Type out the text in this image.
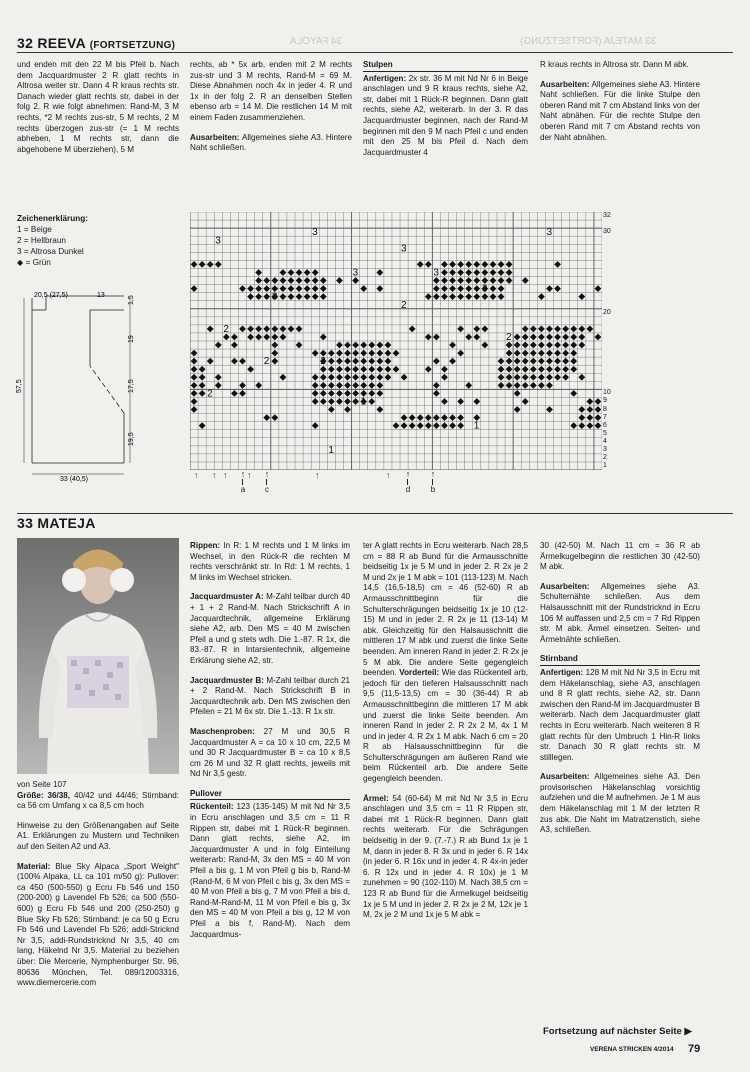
32 REEVA (FORTSETZUNG)	34 FAYOLA	33 MATEJA (FORTSETZUNG)

und enden mit den 22 M bis Pfeil b. Nach dem Jacquardmuster 2 R glatt rechts in Altrosa weiter str. Dann 4 R kraus rechts str. Danach wieder glatt rechts str, dabei in der folg 2. R wie folgt abnehmen: Rand-M, 3 M rechts, *2 M rechts zus-str, 5 M rechts, 2 M rechts überzogen zus-str (= 1 M rechts abheben, 1 M rechts str, dann die abgehobene M überziehen), 5 M

rechts, ab * 5x arb, enden mit 2 M rechts zus-str und 3 M rechts, Rand-M = 69 M. Diese Abnahmen noch 4x in jeder 4. R und 1x in der folg 2. R an denselben Stellen ebenso arb = 14 M. Die restlichen 14 M mit einem Faden zusammenziehen.

Ausarbeiten: Allgemeines siehe A3. Hintere Naht schließen.

Stulpen

Anfertigen: 2x str. 36 M mit Nd Nr 6 in Beige anschlagen und 9 R kraus rechts, siehe A2, str, dabei mit 1 Rück-R beginnen. Dann glatt rechts, siehe A2, weiterarb. In der 3. R das Jacquardmuster beginnen, nach der Rand-M beginnen mit den 9 M nach Pfeil c und enden mit den 25 M bis Pfeil d. Nach dem Jacquardmuster 4

R kraus rechts in Altrosa str. Dann M abk.

Ausarbeiten: Allgemeines siehe A3. Hintere Naht schließen. Für die linke Stulpe den oberen Rand mit 7 cm Abstand links von der Naht abnähen. Für die rechte Stulpe den oberen Rand mit 7 cm Abstand rechts von der Naht abnähen.

Zeichenerklärung:
1 = Beige
2 = Hellbraun
3 = Altrosa Dunkel
◆ = Grün
20,5 (27,5)	13	1,5
19
17,5
19,5
57,5
33 (40,5)
3
3
3
3
3	3
3
3
2
2
2	2
2
2
1
1
1
32
30
20
10
9
8
7
6
5
4
3
2
1
↑
a
↑
c
↑
d
↑
b
↑ ↑ ↑ ↑	↑	↑
33 MATEJA
von Seite 107

Größe: 36/38, 40/42 und 44/46; Stirnband: ca 56 cm Umfang x ca 8,5 cm hoch

Hinweise zu den Größenangaben auf Seite A1. Erklärungen zu Mustern und Techniken auf den Seiten A2 und A3.

Material: Blue Sky Alpaca „Sport Weight" (100% Alpaka, LL ca 101 m/50 g): Pullover: ca 450 (500-550) g Ecru Fb 546 und 150 (200-200) g Lavendel Fb 526; ca 500 (550-600) g Ecru Fb 546 und 200 (250-250) g Blue Sky Fb 526; Stirnband: je ca 50 g Ecru Fb 546 und Lavendel Fb 526; addi-Stricknd Nr 3,5, addi-Rundstricknd Nr 3,5, 40 cm lang, Häkelnd Nr 3,5. Material zu beziehen über: Die Mercerie, Nymphenburger Str. 96, 80636 München, Tel. 089/12003316, www.diemercerie.com

Rippen: In R: 1 M rechts und 1 M links im Wechsel, in den Rück-R die rechten M rechts verschränkt str. In Rd: 1 M rechts, 1 M links im Wechsel stricken.

Jacquardmuster A: M-Zahl teilbar durch 40 + 1 + 2 Rand-M. Nach Strickschrift A in Jacquardtechnik, allgemeine Erklärung siehe A2, arb. Den MS = 40 M zwischen Pfeil a und g stets wdh. Die 1.-87. R 1x, die 83.-87. R in Intarsientechnik, allgemeine Erklärung siehe A2, str.

Jacquardmuster B: M-Zahl teilbar durch 21 + 2 Rand-M. Nach Strickschrift B in Jacquardtechnik arb. Den MS zwischen den Pfeilen = 21 M 6x str. Die 1.-13. R 1x str.

Maschenproben: 27 M und 30,5 R Jacquardmuster A = ca 10 x 10 cm, 22,5 M und 30 R Jacquardmuster B = ca 10 x 8,5 cm 26 M und 32 R glatt rechts, jeweils mit Nd Nr 3,5 gestr.

Pullover

Rückenteil: 123 (135-145) M mit Nd Nr 3,5 in Ecru anschlagen und 3,5 cm = 11 R Rippen str, dabei mit 1 Rück-R beginnen. Dann glatt rechts, siehe A2, im Jacquardmuster A und in folg Einteilung weiterarb: Rand-M, 3x den MS = 40 M von Pfeil a bis g, 1 M von Pfeil g bis b, Rand-M (Rand-M, 6 M von Pfeil c bis g, 3x den MS = 40 M von Pfeil a bis g, 7 M von Pfeil a bis d, Rand-M-Rand-M, 11 M von Pfeil e bis g, 3x den MS = 40 M von Pfeil a bis g, 12 M von Pfeil a bis f, Rand-M). Nach dem Jacquardmus-

ter A glatt rechts in Ecru weiterarb. Nach 28,5 cm = 88 R ab Bund für die Armausschnitte beidseitig 1x je 5 M und in jeder 2. R 2x je 2 M und 2x je 1 M abk = 101 (113-123) M. Nach 14,5 (16,5-18,5) cm = 46 (52-60) R ab Armausschnittbeginn für die Schulterschrägungen beidseitig 1x je 10 (12-15) M und in jeder 2. R 2x je 11 (13-14) M abk. Gleichzeitig für den Halsausschnitt die mittleren 17 M abk und zuerst die linke Seite beenden. Am inneren Rand in jeder 2. R 2x je 5 M abk. Die andere Seite gegengleich beenden. Vorderteil: Wie das Rückenteil arb, jedoch für den tieferen Halsausschnitt nach 9,5 (11,5-13,5) cm = 30 (36-44) R ab Armausschnittbeginn die mittleren 17 M abk und zuerst die linke Seite beenden. Am inneren Rand in jeder 2. R 2x 2 M, 4x 1 M und in jeder 4. R 2x 1 M abk. Nach 6 cm = 20 R ab Halsausschnittbeginn für die Schulterschrägungen am äußeren Rand wie beim Rückenteil arb. Die andere Seite gegengleich beenden.

Ärmel: 54 (60-64) M mit Nd Nr 3,5 in Ecru anschlagen und 3,5 cm = 11 R Rippen str, dabei mit 1 Rück-R beginnen. Dann glatt rechts weiterarb. Für die Schrägungen beidseitig in der 9. (7.-7.) R ab Bund 1x je 1 M, dann in jeder 8. R 3x und in jeder 6. R 14x (in jeder 6. R 16x und in jeder 4. R 4x-in jeder 6. R 12x und in jeder 4. R 10x) je 1 M zunehmen = 90 (102-110) M. Nach 38,5 cm = 123 R ab Bund für die Ärmelkugel beidseitig 1x je 5 M und in jeder 2. R 2x je 2 M, 12x je 1 M, 2x je 2 M und 1x je 5 M abk =

30 (42-50) M. Nach 11 cm = 36 R ab Ärmelkugelbeginn die restlichen 30 (42-50) M abk.

Ausarbeiten: Allgemeines siehe A3. Schulternähte schließen. Aus dem Halsausschnitt mit der Rundstricknd in Ecru 106 M auffassen und 2,5 cm = 7 Rd Rippen str. M abk. Ärmel einsetzen. Seiten- und Ärmelnähte schließen.

Stirnband

Anfertigen: 128 M mit Nd Nr 3,5 in Ecru mit dem Häkelanschlag, siehe A3, anschlagen und 8 R glatt rechts, siehe A2, str. Dann zwischen den Rand-M im Jacquardmuster B weiterarb. Nach dem Jacquardmuster glatt rechts in Ecru weiterarb. Nach weiteren 8 R glatt rechts für den Umbruch 1 Hin-R links str. Danach 30 R glatt rechts str. M stilllegen.

Ausarbeiten: Allgemeines siehe A3. Den provisorischen Häkelanschlag vorsichtig aufziehen und die M aufnehmen. Je 1 M aus dem Häkelanschlag mit 1 M der letzten R zus abk. Die Naht im Matratzenstich, siehe A3, schließen.

Fortsetzung auf nächster Seite ▶
VERENA STRICKEN 4/2014 79
